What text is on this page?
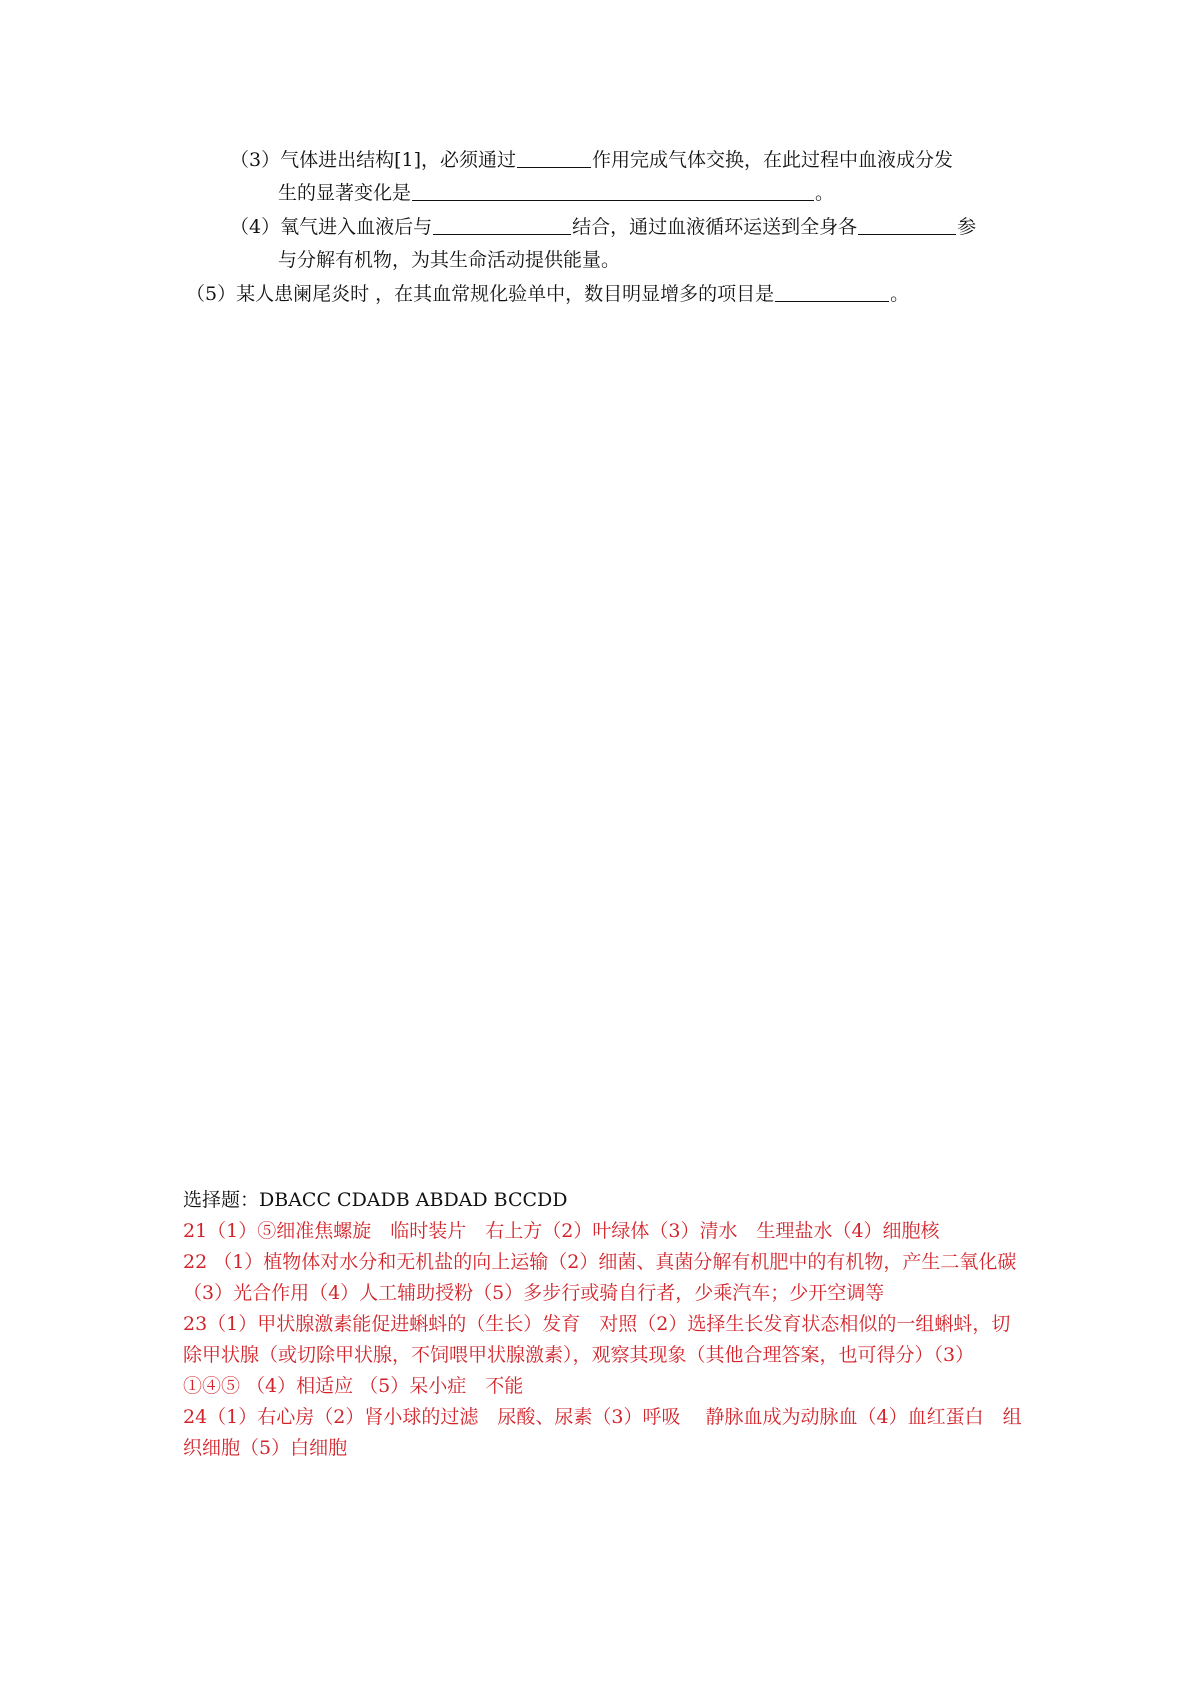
（3）气体进出结构[1]，必须通过	作用完成气体交换，在此过程中血液成分发

生的显著变化是	。

（4）氧气进入血液后与	结合，通过血液循环运送到全身各	参

与分解有机物，为其生命活动提供能量。

（5）某人患阑尾炎时 ，在其血常规化验单中，数目明显增多的项目是	。

选择题：DBACC CDADB ABDAD BCCDD

21（1）⑤细准焦螺旋　临时装片　右上方（2）叶绿体（3）清水　生理盐水（4）细胞核

22 （1）植物体对水分和无机盐的向上运输（2）细菌、真菌分解有机肥中的有机物，产生二氧化碳（3）光合作用（4）人工辅助授粉（5）多步行或骑自行者，少乘汽车；少开空调等

23（1）甲状腺激素能促进蝌蚪的（生长）发育　对照（2）选择生长发育状态相似的一组蝌蚪，切除甲状腺（或切除甲状腺，不饲喂甲状腺激素），观察其现象（其他合理答案，也可得分）（3）①④⑤ （4）相适应 （5）呆小症　不能

24（1）右心房（2）肾小球的过滤　尿酸、尿素（3）呼吸　 静脉血成为动脉血（4）血红蛋白　组织细胞（5）白细胞
